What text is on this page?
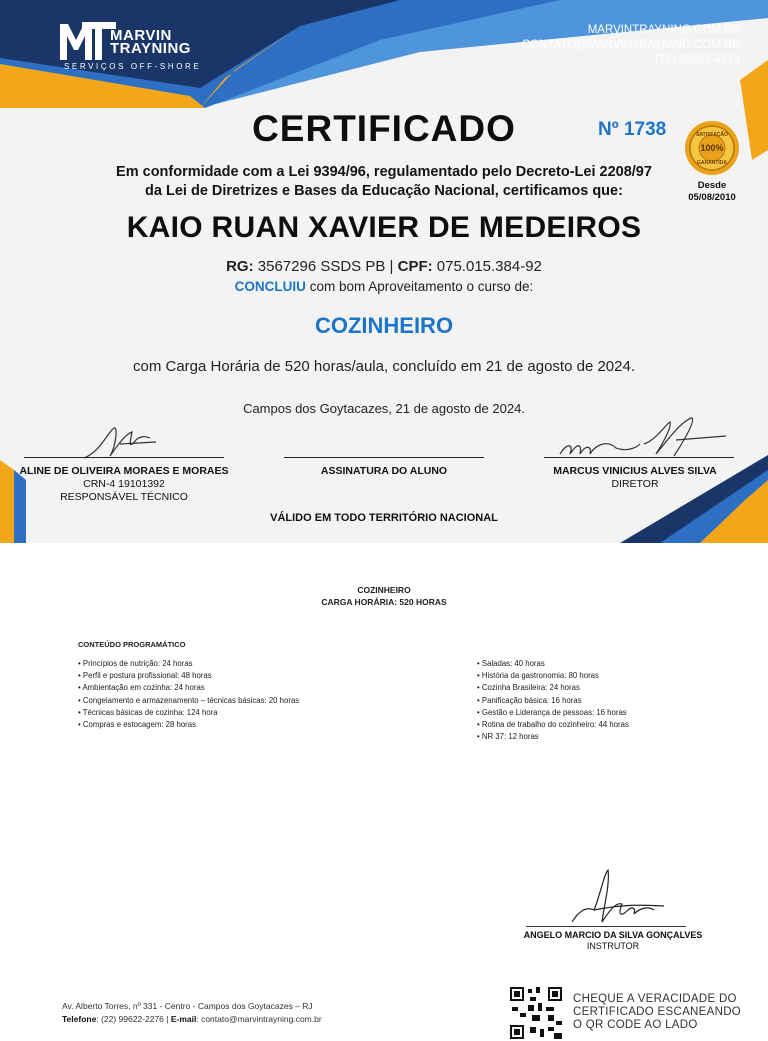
MARVIN
TRAYNING
SERVIÇOS OFF-SHORE
MARVINTRAYNING.COM.BR
CONTATO@MARVINTRAYNING.COM.BR
(22) 99865-6219
CERTIFICADO	Nº 1738	SATISFAÇÃO
100%
GARANTIDA
Desde
05/08/2010
Em conformidade com a Lei 9394/96, regulamentado pelo Decreto-Lei 2208/97
da Lei de Diretrizes e Bases da Educação Nacional, certificamos que:
KAIO RUAN XAVIER DE MEDEIROS
RG: 3567296 SSDS PB | CPF: 075.015.384-92
CONCLUIU com bom Aproveitamento o curso de:
COZINHEIRO
com Carga Horária de 520 horas/aula, concluído em 21 de agosto de 2024.
Campos dos Goytacazes, 21 de agosto de 2024.
ALINE DE OLIVEIRA MORAES E MORAES
CRN-4 19101392
RESPONSÁVEL TÉCNICO
ASSINATURA DO ALUNO	MARCUS VINICIUS ALVES SILVA
DIRETOR
VÁLIDO EM TODO TERRITÓRIO NACIONAL
COZINHEIRO
CARGA HORÁRIA: 520 HORAS
CONTEÚDO PROGRAMÁTICO
• Princípios de nutrição: 24 horas
• Perfil e postura profissional: 48 horas
• Ambientação em cozinha: 24 horas
• Congelamento e armazenamento – técnicas básicas: 20 horas
• Técnicas básicas de cozinha: 124 hora
• Compras e estocagem: 28 horas
• Saladas: 40 horas
• História da gastronomia: 80 horas
• Cozinha Brasileira: 24 horas
• Panificação básica: 16 horas
• Gestão e Liderança de pessoas: 16 horas
• Rotina de trabalho do cozinheiro: 44 horas
• NR 37: 12 horas
ANGELO MARCIO DA SILVA GONÇALVES
INSTRUTOR
Av. Alberto Torres, nº 331 - Centro - Campos dos Goytacazes – RJ
Telefone: (22) 99622-2276 | E-mail: contato@marvintrayning.com.br
CHEQUE A VERACIDADE DO
CERTIFICADO ESCANEANDO
O QR CODE AO LADO
